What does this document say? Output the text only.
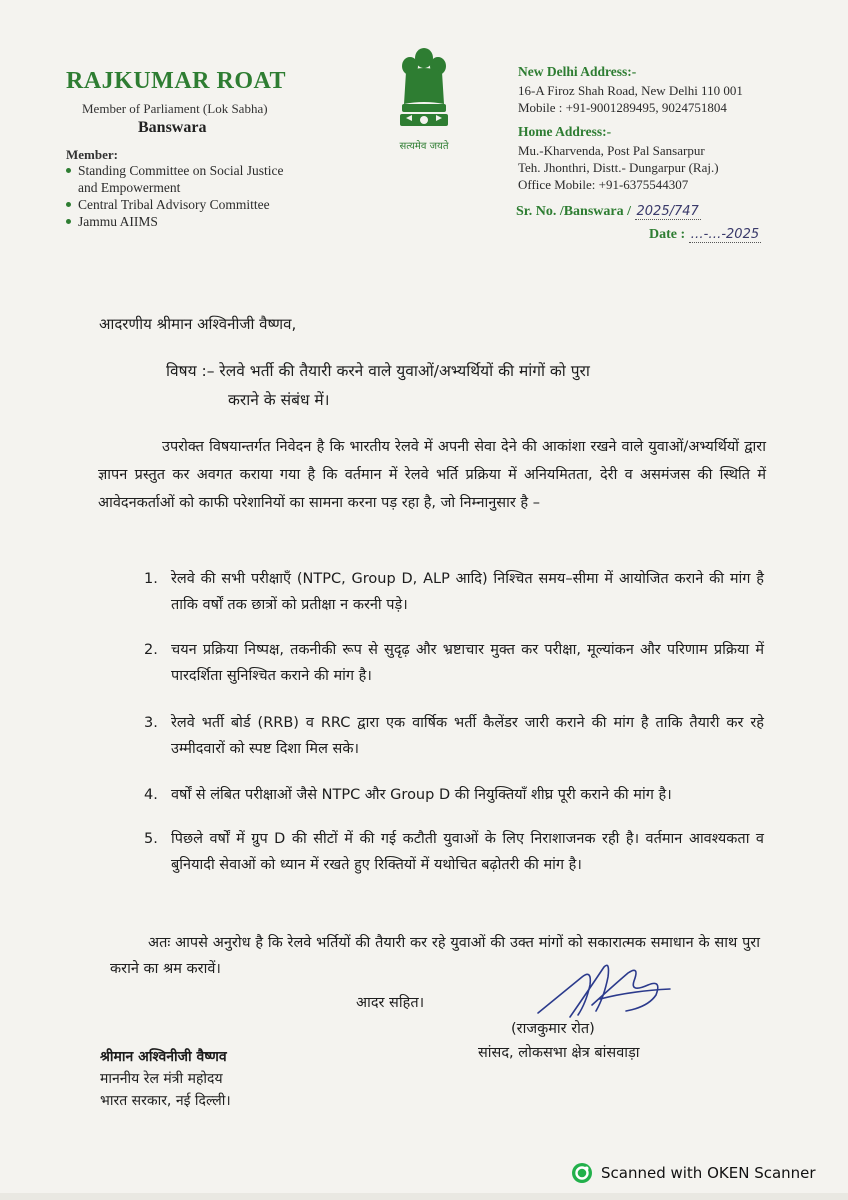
RAJKUMAR ROAT
Member of Parliament (Lok Sabha)
Banswara
Member:
Standing Committee on Social Justice
and Empowerment
Central Tribal Advisory Committee
Jammu AIIMS
सत्यमेव जयते
New Delhi Address:-
16-A Firoz Shah Road, New Delhi 110 001
Mobile : +91-9001289495, 9024751804
Home Address:-
Mu.-Kharvenda, Post Pal Sansarpur
Teh. Jhonthri, Distt.- Dungarpur (Raj.)
Office Mobile: +91-6375544307
Sr. No. /Banswara / 2025/747
Date : …-…-2025
आदरणीय श्रीमान अश्विनीजी वैष्णव,
विषय :– रेलवे भर्ती की तैयारी करने वाले युवाओं/अभ्यर्थियों की मांगों को पुरा
कराने के संबंध में।
उपरोक्त विषयान्तर्गत निवेदन है कि भारतीय रेलवे में अपनी सेवा देने की आकांशा रखने वाले युवाओं/अभ्यर्थियों द्वारा ज्ञापन प्रस्तुत कर अवगत कराया गया है कि वर्तमान में रेलवे भर्ति प्रक्रिया में अनियमितता, देरी व असमंजस की स्थिति में आवेदनकर्ताओं को काफी परेशानियों का सामना करना पड़ रहा है, जो निम्नानुसार है –
1. रेलवे की सभी परीक्षाएँ (NTPC, Group D, ALP आदि) निश्चित समय–सीमा में आयोजित कराने की मांग है ताकि वर्षों तक छात्रों को प्रतीक्षा न करनी पड़े।
2. चयन प्रक्रिया निष्पक्ष, तकनीकी रूप से सुदृढ़ और भ्रष्टाचार मुक्त कर परीक्षा, मूल्यांकन और परिणाम प्रक्रिया में पारदर्शिता सुनिश्चित कराने की मांग है।
3. रेलवे भर्ती बोर्ड (RRB) व RRC द्वारा एक वार्षिक भर्ती कैलेंडर जारी कराने की मांग है ताकि तैयारी कर रहे उम्मीदवारों को स्पष्ट दिशा मिल सके।
4. वर्षों से लंबित परीक्षाओं जैसे NTPC और Group D की नियुक्तियाँ शीघ्र पूरी कराने की मांग है।
5. पिछले वर्षों में ग्रुप D की सीटों में की गई कटौती युवाओं के लिए निराशाजनक रही है। वर्तमान आवश्यकता व बुनियादी सेवाओं को ध्यान में रखते हुए रिक्तियों में यथोचित बढ़ोतरी की मांग है।
अतः आपसे अनुरोध है कि रेलवे भर्तियों की तैयारी कर रहे युवाओं की उक्त मांगों को सकारात्मक समाधान के साथ पुरा कराने का श्रम करावें।
आदर सहित।
(राजकुमार रोत)
सांसद, लोकसभा क्षेत्र बांसवाड़ा
श्रीमान अश्विनीजी वैष्णव
माननीय रेल मंत्री महोदय
भारत सरकार, नई दिल्ली।
Scanned with OKEN Scanner
